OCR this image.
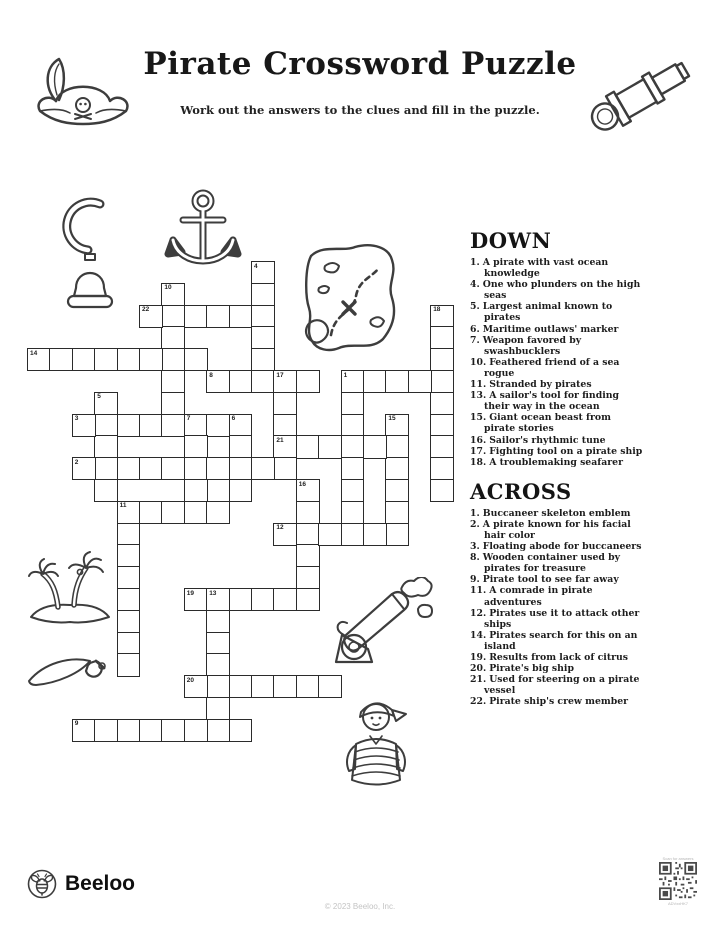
Pirate Crossword Puzzle
Work out the answers to the clues and fill in the puzzle.
4
10
22	18
14
8	17	1
5
3	7	6	15
21
2
16
11
12
19 13
20
9
DOWN
1. A pirate with vast ocean knowledge
4. One who plunders on the high seas
5. Largest animal known to pirates
6. Maritime outlaws' marker
7. Weapon favored by swashbucklers
10. Feathered friend of a sea rogue
11. Stranded by pirates
13. A sailor's tool for finding their way in the ocean
15. Giant ocean beast from pirate stories
16. Sailor's rhythmic tune
17. Fighting tool on a pirate ship
18. A troublemaking seafarer
ACROSS
1. Buccaneer skeleton emblem
2. A pirate known for his facial hair color
3. Floating abode for buccaneers
8. Wooden container used by pirates for treasure
9. Pirate tool to see far away
11. A comrade in pirate adventures
12. Pirates use it to attack other ships
14. Pirates search for this on an island
19. Results from lack of citrus
20. Pirate's big ship
21. Used for steering on a pirate vessel
22. Pirate ship's crew member
Beeloo
© 2023 Beeloo, Inc.
Scan for answers
ADVxxHK7
